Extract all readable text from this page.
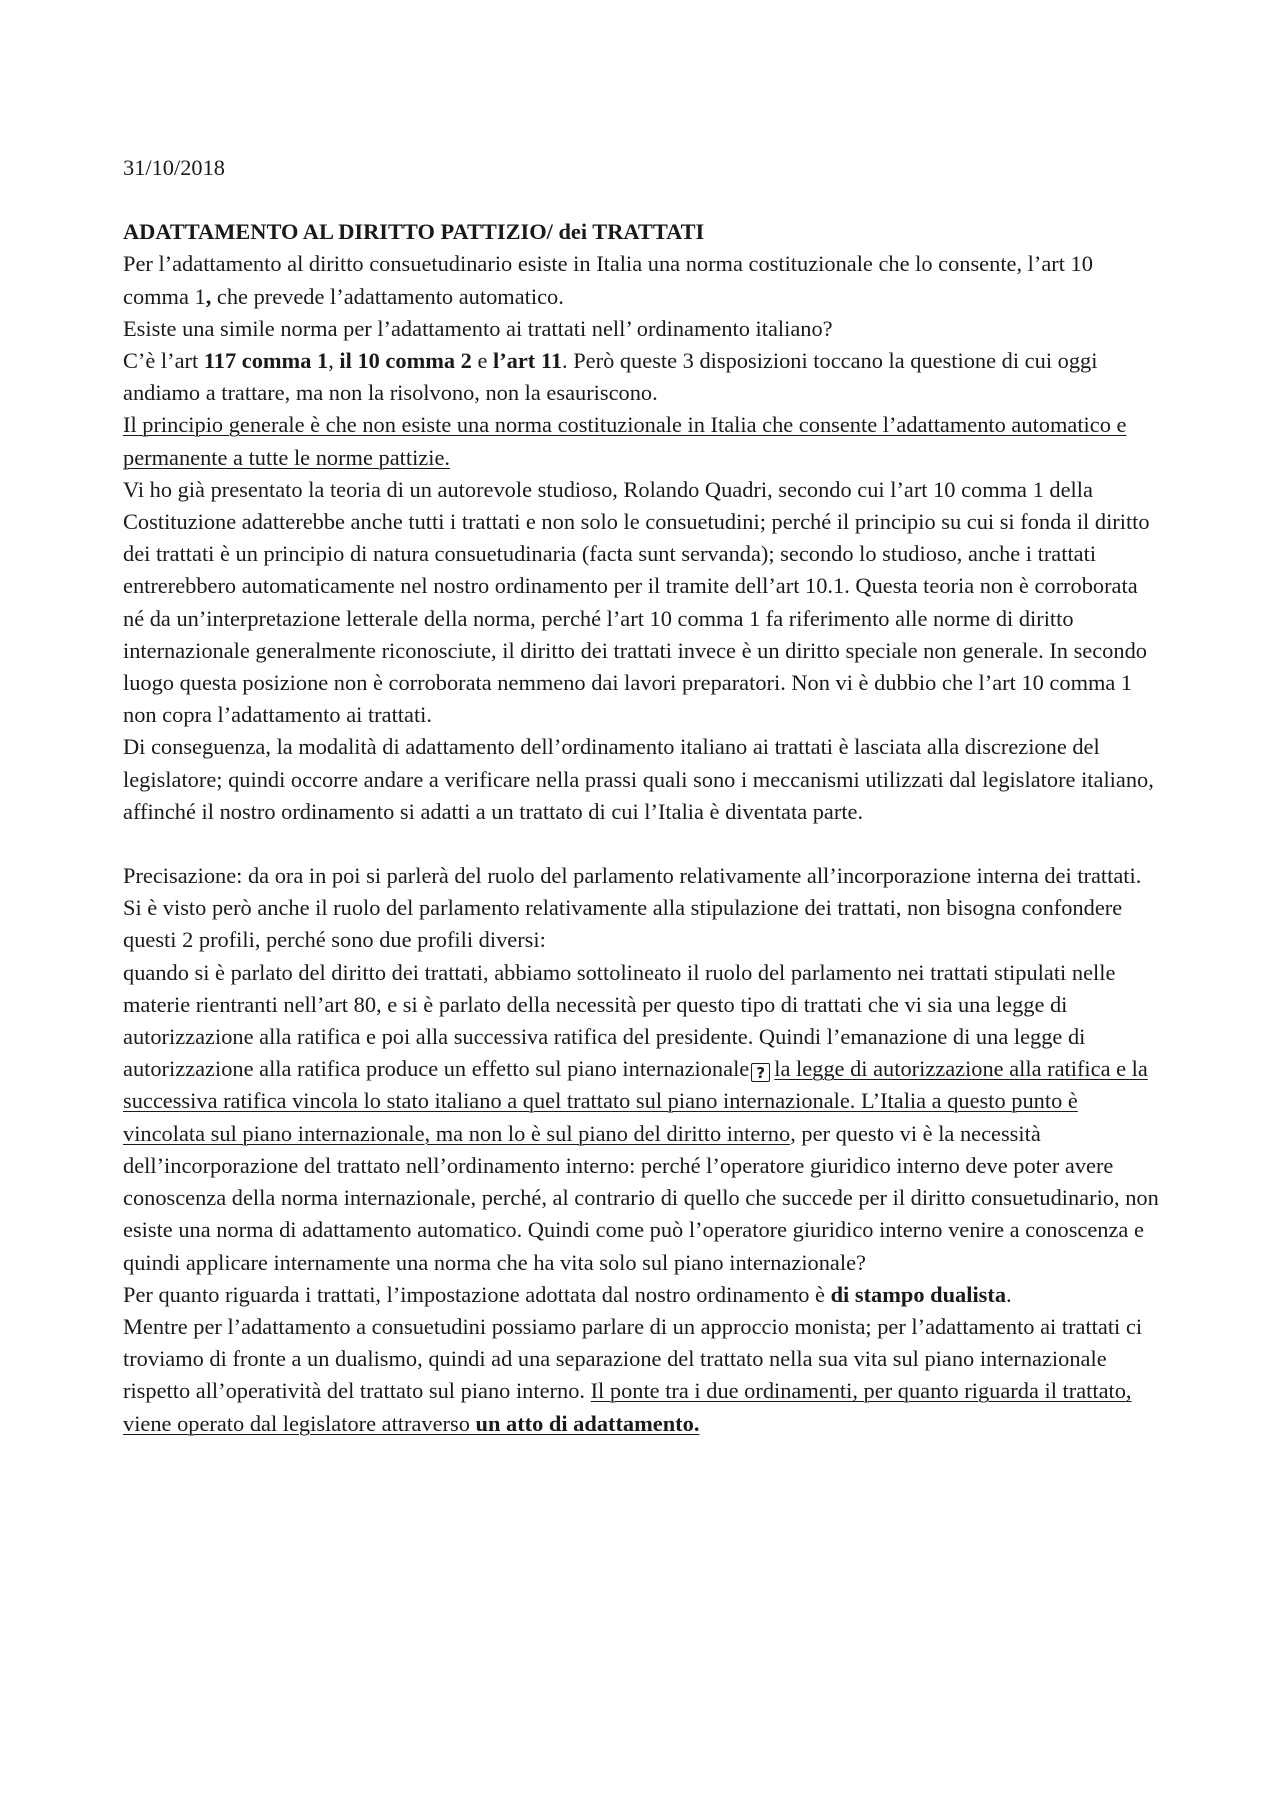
31/10/2018

ADATTAMENTO AL DIRITTO PATTIZIO/ dei TRATTATI

Per l’adattamento al diritto consuetudinario esiste in Italia una norma costituzionale che lo consente, l’art 10 comma 1, che prevede l’adattamento automatico.

Esiste una simile norma per l’adattamento ai trattati nell’ ordinamento italiano?

C’è l’art 117 comma 1, il 10 comma 2 e l’art 11. Però queste 3 disposizioni toccano la questione di cui oggi andiamo a trattare, ma non la risolvono, non la esauriscono.

Il principio generale è che non esiste una norma costituzionale in Italia che consente l’adattamento automatico e permanente a tutte le norme pattizie.

Vi ho già presentato la teoria di un autorevole studioso, Rolando Quadri, secondo cui l’art 10 comma 1 della Costituzione adatterebbe anche tutti i trattati e non solo le consuetudini; perché il principio su cui si fonda il diritto dei trattati è un principio di natura consuetudinaria (facta sunt servanda); secondo lo studioso, anche i trattati entrerebbero automaticamente nel nostro ordinamento per il tramite dell’art 10.1. Questa teoria non è corroborata né da un’interpretazione letterale della norma, perché l’art 10 comma 1 fa riferimento alle norme di diritto internazionale generalmente riconosciute, il diritto dei trattati invece è un diritto speciale non generale. In secondo luogo questa posizione non è corroborata nemmeno dai lavori preparatori. Non vi è dubbio che l’art 10 comma 1 non copra l’adattamento ai trattati.

Di conseguenza, la modalità di adattamento dell’ordinamento italiano ai trattati è lasciata alla discrezione del legislatore; quindi occorre andare a verificare nella prassi quali sono i meccanismi utilizzati dal legislatore italiano, affinché il nostro ordinamento si adatti a un trattato di cui l’Italia è diventata parte.

Precisazione: da ora in poi si parlerà del ruolo del parlamento relativamente all’incorporazione interna dei trattati. Si è visto però anche il ruolo del parlamento relativamente alla stipulazione dei trattati, non bisogna confondere questi 2 profili, perché sono due profili diversi:

quando si è parlato del diritto dei trattati, abbiamo sottolineato il ruolo del parlamento nei trattati stipulati nelle materie rientranti nell’art 80, e si è parlato della necessità per questo tipo di trattati che vi sia una legge di autorizzazione alla ratifica e poi alla successiva ratifica del presidente. Quindi l’emanazione di una legge di autorizzazione alla ratifica produce un effetto sul piano internazionale ? la legge di autorizzazione alla ratifica e la successiva ratifica vincola lo stato italiano a quel trattato sul piano internazionale. L’Italia a questo punto è vincolata sul piano internazionale, ma non lo è sul piano del diritto interno, per questo vi è la necessità dell’incorporazione del trattato nell’ordinamento interno: perché l’operatore giuridico interno deve poter avere conoscenza della norma internazionale, perché, al contrario di quello che succede per il diritto consuetudinario, non esiste una norma di adattamento automatico. Quindi come può l’operatore giuridico interno venire a conoscenza e quindi applicare internamente una norma che ha vita solo sul piano internazionale?

Per quanto riguarda i trattati, l’impostazione adottata dal nostro ordinamento è di stampo dualista.

Mentre per l’adattamento a consuetudini possiamo parlare di un approccio monista; per l’adattamento ai trattati ci troviamo di fronte a un dualismo, quindi ad una separazione del trattato nella sua vita sul piano internazionale rispetto all’operatività del trattato sul piano interno. Il ponte tra i due ordinamenti, per quanto riguarda il trattato, viene operato dal legislatore attraverso un atto di adattamento.
